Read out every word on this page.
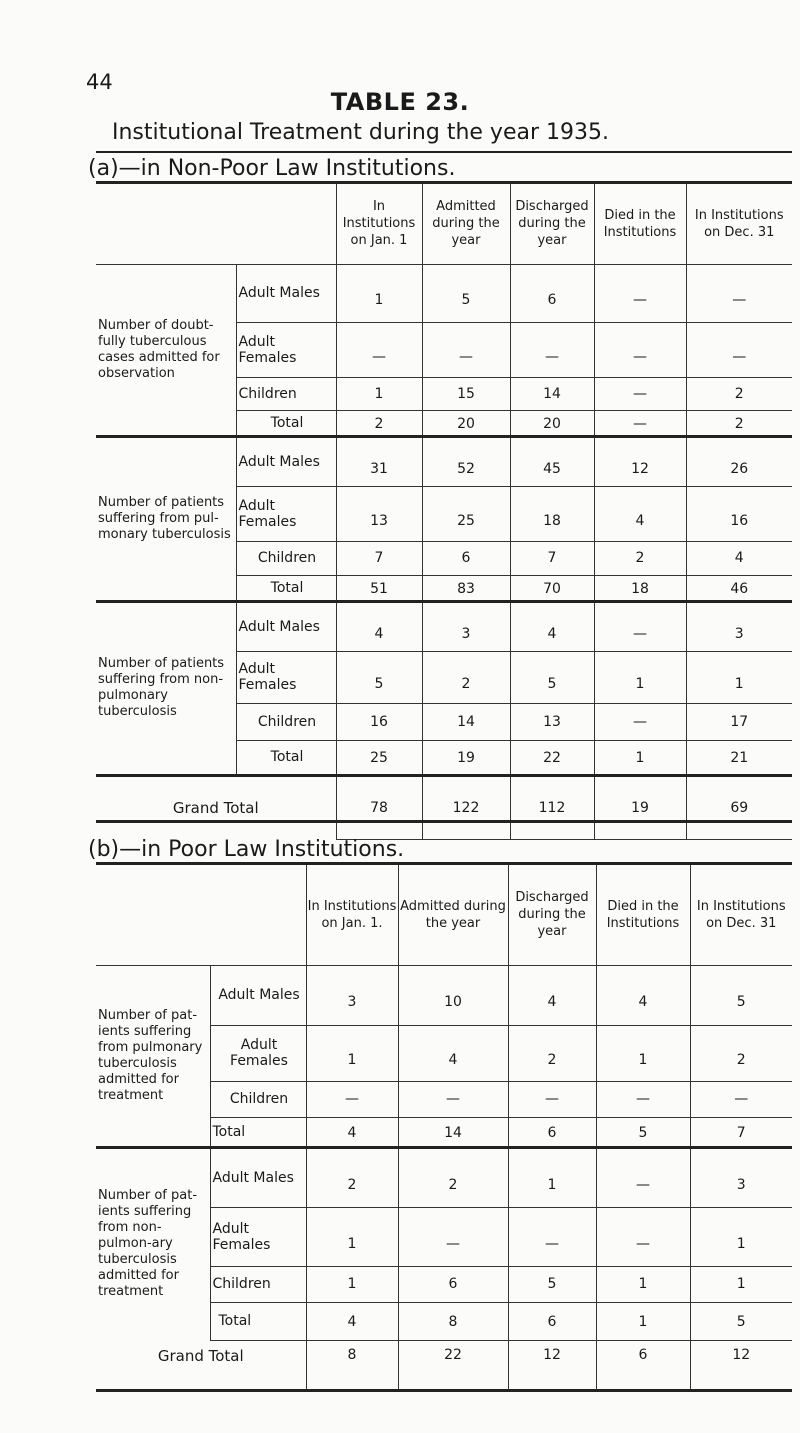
44
TABLE 23.
Institutional Treatment during the year 1935.
(a)—in Non-Poor Law Institutions.
		In Institutions on Jan. 1	Admitted during the year	Discharged during the year	Died in the Institutions	In Institutions on Dec. 31
Number of doubt-fully tuberculous cases admitted for observation	Adult Males	1	5	6	—	—
	Adult Females	—	—	—	—	—
	Children	1	15	14	—	2
	Total	2	20	20	—	2
Number of patients suffering from pul-monary tuberculosis	Adult Males	31	52	45	12	26
	Adult Females	13	25	18	4	16
	Children	7	6	7	2	4
	Total	51	83	70	18	46
Number of patients suffering from non-pulmonary tuberculosis	Adult Males	4	3	4	—	3
	Adult Females	5	2	5	1	1
	Children	16	14	13	—	17
	Total	25	19	22	1	21
Grand Total		78	122	112	19	69
(b)—in Poor Law Institutions.
		In Institutions on Jan. 1.	Admitted during the year	Discharged during the year	Died in the Institutions	In Institutions on Dec. 31
Number of pat-ients suffering from pulmonary tuberculosis admitted for treatment	Adult Males	3	10	4	4	5
	Adult Females	1	4	2	1	2
	Children	—	—	—	—	—
	Total	4	14	6	5	7
Number of pat-ients suffering from non-pulmon-ary tuberculosis admitted for treatment	Adult Males	2	2	1	—	3
	Adult Females	1	—	—	—	1
	Children	1	6	5	1	1
	Total	4	8	6	1	5
Grand Total		8	22	12	6	12
